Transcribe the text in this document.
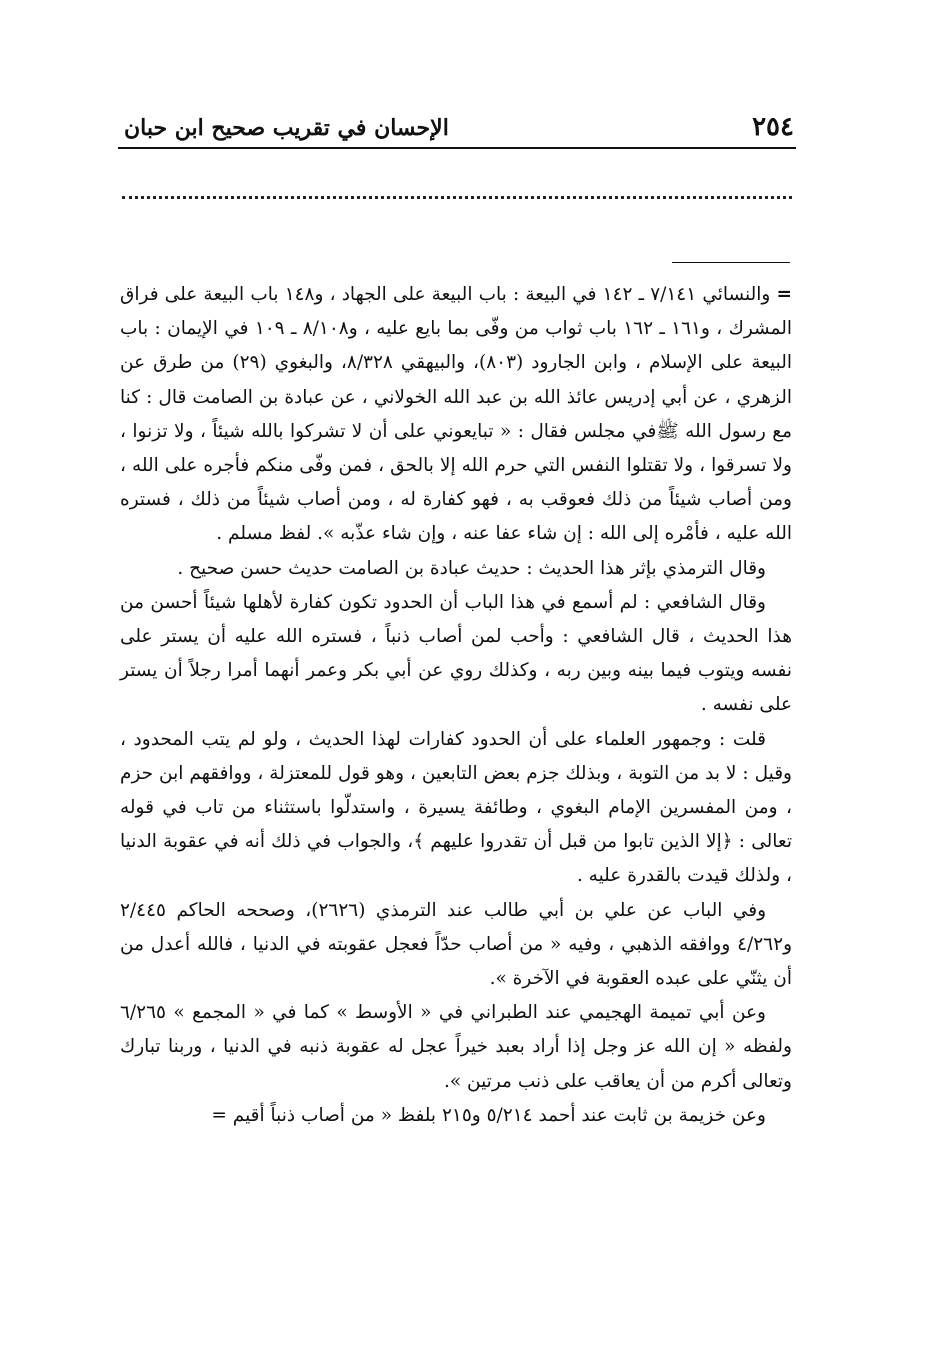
٢٥٤
الإحسان في تقريب صحيح ابن حبان

= والنسائي ٧/١٤١ ـ ١٤٢ في البيعة : باب البيعة على الجهاد ، و١٤٨ باب البيعة على فراق المشرك ، و١٦١ ـ ١٦٢ باب ثواب من وفّى بما بايع عليه ، و٨/١٠٨ ـ ١٠٩ في الإيمان : باب البيعة على الإسلام ، وابن الجارود (٨٠٣)، والبيهقي ٨/٣٢٨، والبغوي (٢٩) من طرق عن الزهري ، عن أبي إدريس عائذ الله بن عبد الله الخولاني ، عن عبادة بن الصامت قال : كنا مع رسول الله ﷺفي مجلس فقال : « تبايعوني على أن لا تشركوا بالله شيئاً ، ولا تزنوا ، ولا تسرقوا ، ولا تقتلوا النفس التي حرم الله إلا بالحق ، فمن وفّى منكم فأجره على الله ، ومن أصاب شيئاً من ذلك فعوقب به ، فهو كفارة له ، ومن أصاب شيئاً من ذلك ، فستره الله عليه ، فأمْره إلى الله : إن شاء عفا عنه ، وإن شاء عذّبه ». لفظ مسلم .

وقال الترمذي بإثر هذا الحديث : حديث عبادة بن الصامت حديث حسن صحيح .

وقال الشافعي : لم أسمع في هذا الباب أن الحدود تكون كفارة لأهلها شيئاً أحسن من هذا الحديث ، قال الشافعي : وأحب لمن أصاب ذنباً ، فستره الله عليه أن يستر على نفسه ويتوب فيما بينه وبين ربه ، وكذلك روي عن أبي بكر وعمر أنهما أمرا رجلاً أن يستر على نفسه .

قلت : وجمهور العلماء على أن الحدود كفارات لهذا الحديث ، ولو لم يتب المحدود ، وقيل : لا بد من التوبة ، وبذلك جزم بعض التابعين ، وهو قول للمعتزلة ، ووافقهم ابن حزم ، ومن المفسرين الإمام البغوي ، وطائفة يسيرة ، واستدلّوا باستثناء من تاب في قوله تعالى : ﴿إلا الذين تابوا من قبل أن تقدروا عليهم ﴾، والجواب في ذلك أنه في عقوبة الدنيا ، ولذلك قيدت بالقدرة عليه .

وفي الباب عن علي بن أبي طالب عند الترمذي (٢٦٢٦)، وصححه الحاكم ٢/٤٤٥ و٤/٢٦٢ ووافقه الذهبي ، وفيه « من أصاب حدّاً فعجل عقوبته في الدنيا ، فالله أعدل من أن يثنّي على عبده العقوبة في الآخرة ».

وعن أبي تميمة الهجيمي عند الطبراني في « الأوسط » كما في « المجمع » ٦/٢٦٥ ولفظه « إن الله عز وجل إذا أراد بعبد خيراً عجل له عقوبة ذنبه في الدنيا ، وربنا تبارك وتعالى أكرم من أن يعاقب على ذنب مرتين ».

وعن خزيمة بن ثابت عند أحمد ٥/٢١٤ و٢١٥ بلفظ « من أصاب ذنباً أقيم =
